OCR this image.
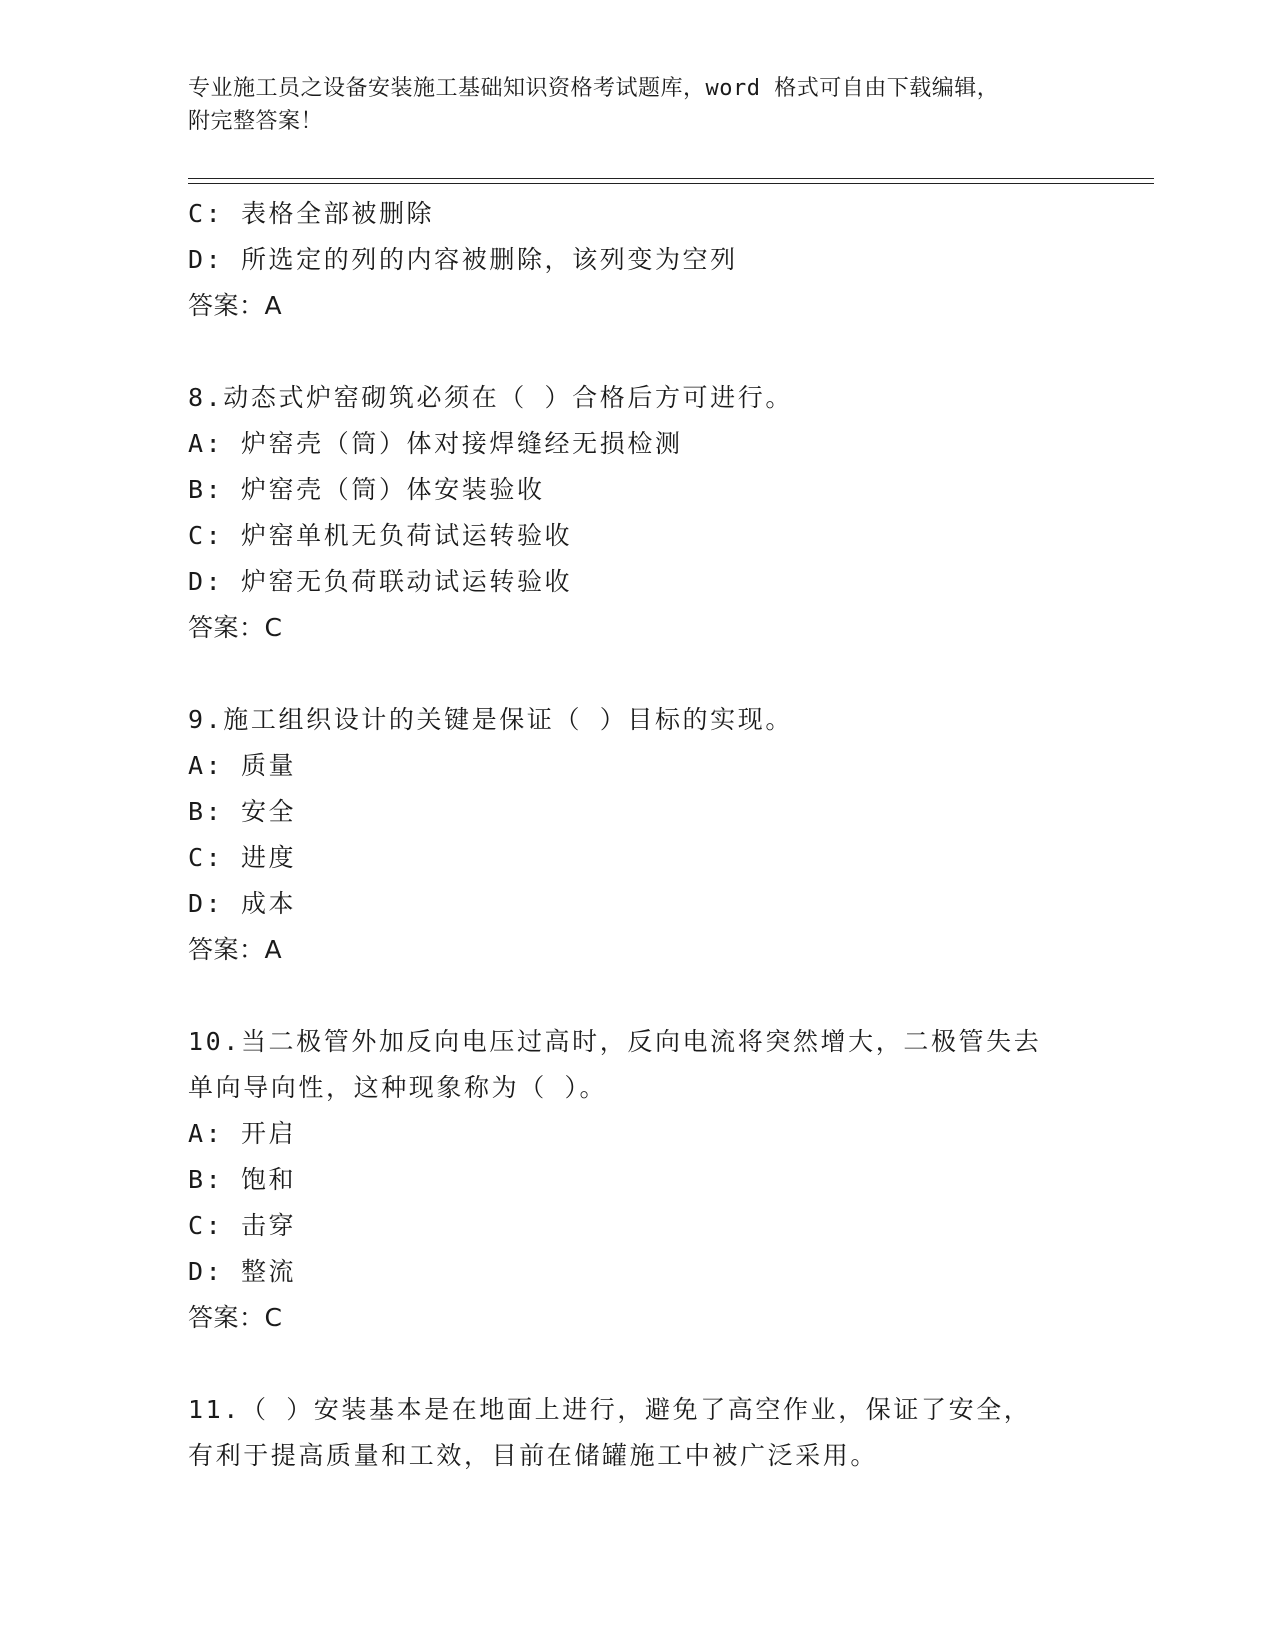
专业施工员之设备安装施工基础知识资格考试题库，word 格式可自由下载编辑，
附完整答案！
C: 表格全部被删除
D: 所选定的列的内容被删除，该列变为空列
答案：A
8.动态式炉窑砌筑必须在（ ）合格后方可进行。
A: 炉窑壳（筒）体对接焊缝经无损检测
B: 炉窑壳（筒）体安装验收
C: 炉窑单机无负荷试运转验收
D: 炉窑无负荷联动试运转验收
答案：C
9.施工组织设计的关键是保证（ ）目标的实现。
A: 质量
B: 安全
C: 进度
D: 成本
答案：A
10.当二极管外加反向电压过高时，反向电流将突然增大，二极管失去
单向导向性，这种现象称为（ ）。
A: 开启
B: 饱和
C: 击穿
D: 整流
答案：C
11.（ ）安装基本是在地面上进行，避免了高空作业，保证了安全，
有利于提高质量和工效，目前在储罐施工中被广泛采用。
